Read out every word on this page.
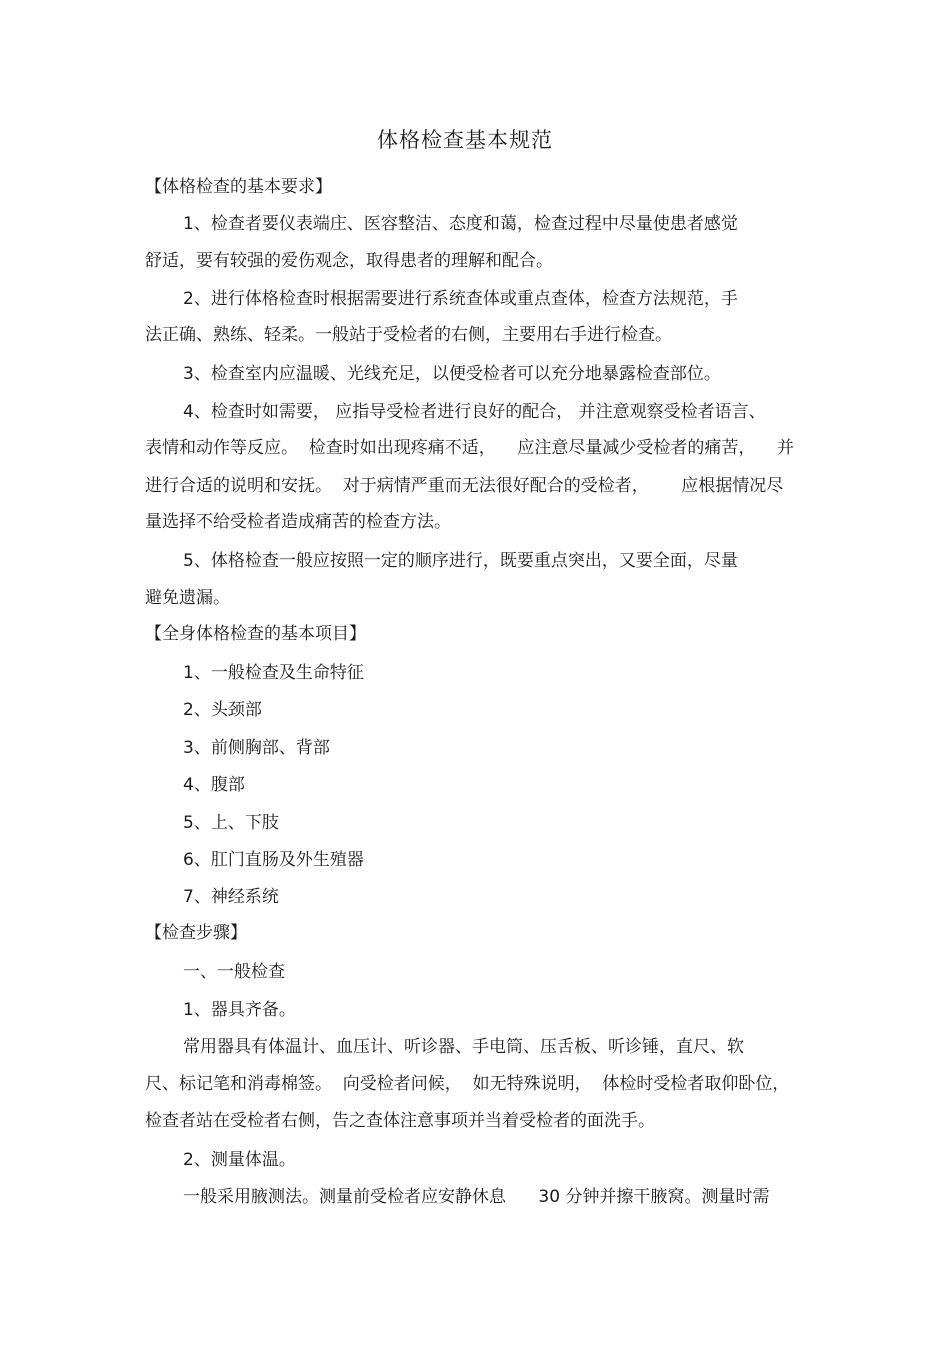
体格检查基本规范
【体格检查的基本要求】
1、检查者要仪表端庄、医容整洁、态度和蔼，检查过程中尽量使患者感觉
舒适，要有较强的爱伤观念，取得患者的理解和配合。
2、进行体格检查时根据需要进行系统查体或重点查体，检查方法规范，手
法正确、熟练、轻柔。一般站于受检者的右侧，主要用右手进行检查。
3、检查室内应温暖、光线充足，以便受检者可以充分地暴露检查部位。
4、检查时如需要， 应指导受检者进行良好的配合， 并注意观察受检者语言、
表情和动作等反应。  检查时如出现疼痛不适，    应注意尽量减少受检者的痛苦，    并
进行合适的说明和安抚。  对于病情严重而无法很好配合的受检者，      应根据情况尽
量选择不给受检者造成痛苦的检查方法。
5、体格检查一般应按照一定的顺序进行，既要重点突出，又要全面，尽量
避免遗漏。
【全身体格检查的基本项目】
1、一般检查及生命特征
2、头颈部
3、前侧胸部、背部
4、腹部
5、上、下肢
6、肛门直肠及外生殖器
7、神经系统
【检查步骤】
一、一般检查
1、器具齐备。
常用器具有体温计、血压计、听诊器、手电筒、压舌板、听诊锤，直尺、软
尺、标记笔和消毒棉签。  向受检者问候，  如无特殊说明，  体检时受检者取仰卧位，
检查者站在受检者右侧，告之查体注意事项并当着受检者的面洗手。
2、测量体温。
一般采用腋测法。测量前受检者应安静休息      30 分钟并擦干腋窝。测量时需
